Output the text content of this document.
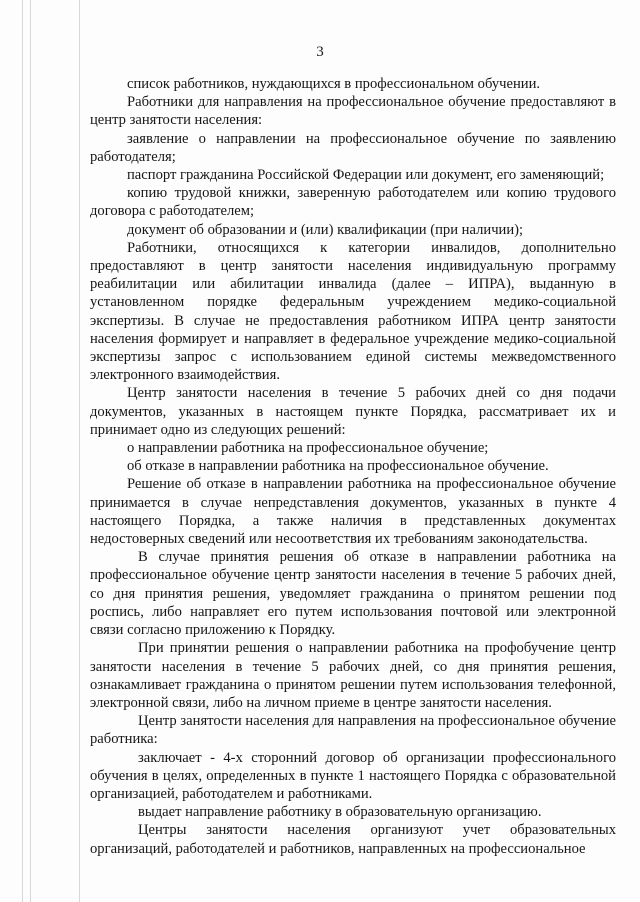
3

список работников, нуждающихся в профессиональном обучении.

Работники для направления на профессиональное обучение предоставляют в центр занятости населения:

заявление о направлении на профессиональное обучение по заявлению работодателя;

паспорт гражданина Российской Федерации или документ, его заменяющий;

копию трудовой книжки, заверенную работодателем или копию трудового договора с работодателем;

документ об образовании и (или) квалификации (при наличии);

Работники, относящихся к категории инвалидов, дополнительно предоставляют в центр занятости населения индивидуальную программу реабилитации или абилитации инвалида (далее – ИПРА), выданную в установленном порядке федеральным учреждением медико-социальной экспертизы. В случае не предоставления работником ИПРА центр занятости населения формирует и направляет в федеральное учреждение медико-социальной экспертизы запрос с использованием единой системы межведомственного электронного взаимодействия.

Центр занятости населения в течение 5 рабочих дней со дня подачи документов, указанных в настоящем пункте Порядка, рассматривает их и принимает одно из следующих решений:

о направлении работника на профессиональное обучение;

об отказе в направлении работника на профессиональное обучение.

Решение об отказе в направлении работника на профессиональное обучение принимается в случае непредставления документов, указанных в пункте 4 настоящего Порядка, а также наличия в представленных документах недостоверных сведений или несоответствия их требованиям законодательства.

В случае принятия решения об отказе в направлении работника на профессиональное обучение центр занятости населения в течение 5 рабочих дней, со дня принятия решения, уведомляет гражданина о принятом решении под роспись, либо направляет его путем использования почтовой или электронной связи согласно приложению к Порядку.

При принятии решения о направлении работника на профобучение центр занятости населения в течение 5 рабочих дней, со дня принятия решения, ознакамливает гражданина о принятом решении путем использования телефонной, электронной связи, либо на личном приеме в центре занятости населения.

Центр занятости населения для направления на профессиональное обучение работника:

заключает - 4-х сторонний договор об организации профессионального обучения в целях, определенных в пункте 1 настоящего Порядка с образовательной организацией, работодателем и работниками.

выдает направление работнику в образовательную организацию.

Центры занятости населения организуют учет образовательных организаций, работодателей и работников, направленных на профессиональное
